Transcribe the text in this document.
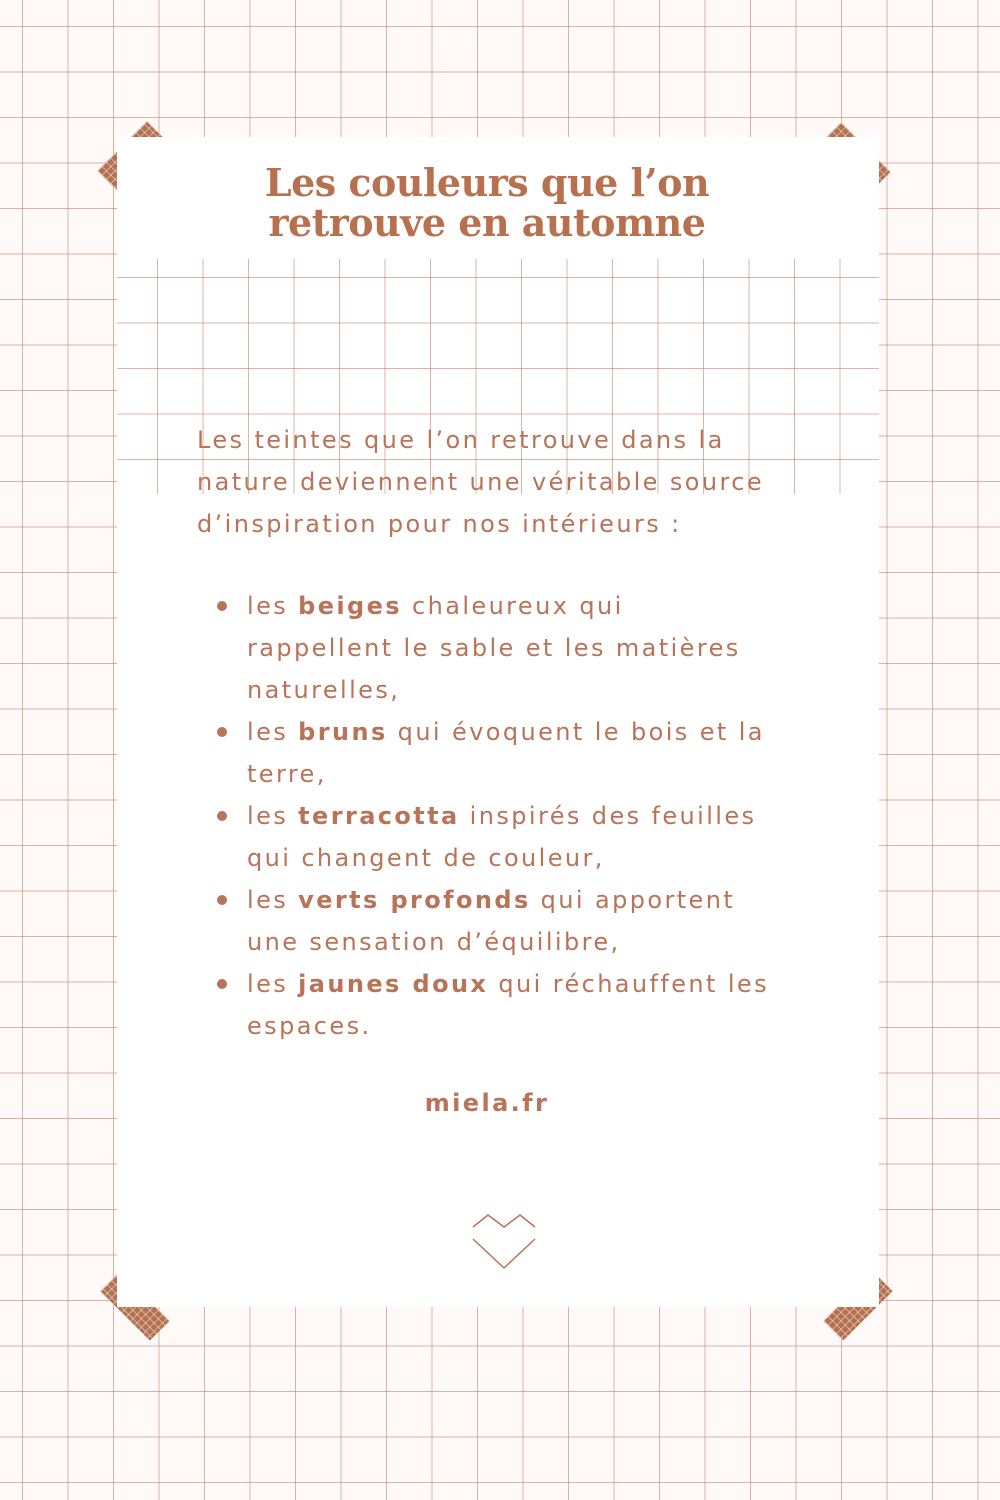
Les couleurs que l’on
retrouve en automne

Les teintes que l’on retrouve dans la
nature deviennent une véritable source
d’inspiration pour nos intérieurs :

les beiges chaleureux qui
rappellent le sable et les matières
naturelles,
les bruns qui évoquent le bois et la
terre,
les terracotta inspirés des feuilles
qui changent de couleur,
les verts profonds qui apportent
une sensation d’équilibre,
les jaunes doux qui réchauffent les
espaces.
miela.fr
